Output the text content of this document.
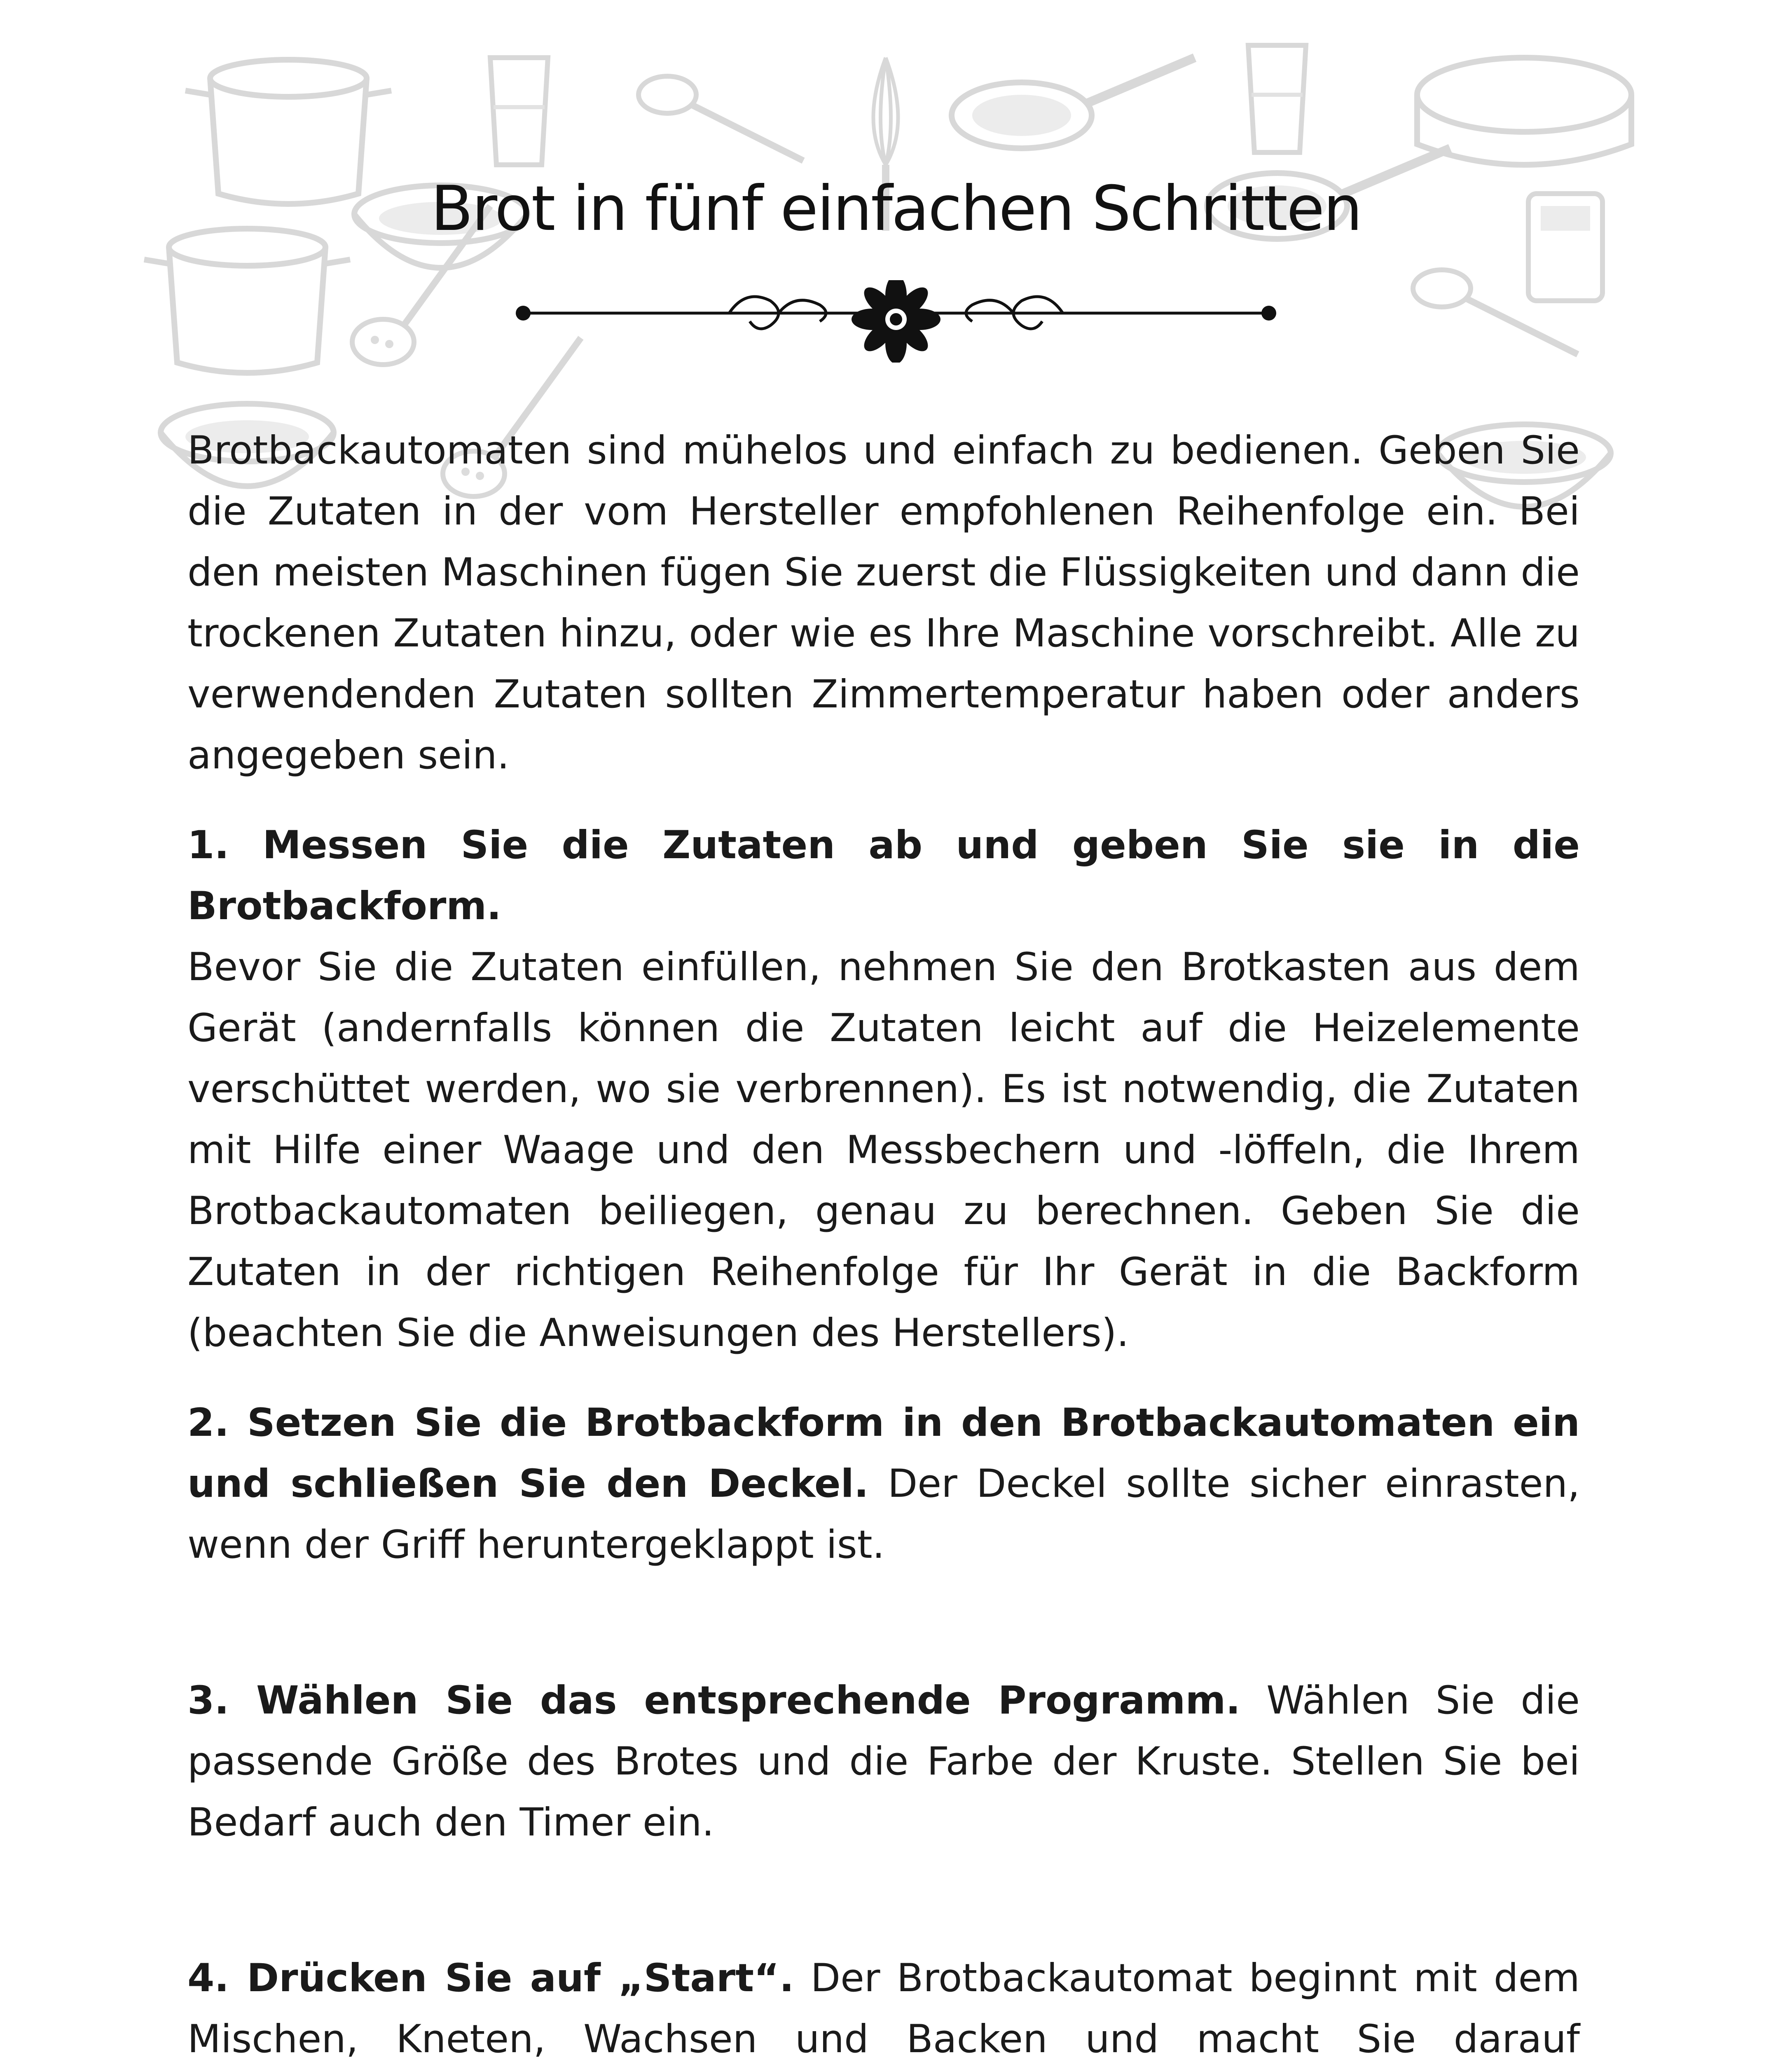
Brot in fünf einfachen Schritten

Brotbackautomaten sind mühelos und einfach zu bedienen. Geben Sie die Zutaten in der vom Hersteller empfohlenen Reihenfolge ein. Bei den meisten Maschinen fügen Sie zuerst die Flüssigkeiten und dann die trockenen Zutaten hinzu, oder wie es Ihre Maschine vorschreibt. Alle zu verwendenden Zutaten sollten Zimmertemperatur haben oder anders angegeben sein.

1. Messen Sie die Zutaten ab und geben Sie sie in die Brotbackform.
Bevor Sie die Zutaten einfüllen, nehmen Sie den Brotkasten aus dem Gerät (andernfalls können die Zutaten leicht auf die Heizelemente verschüttet werden, wo sie verbrennen). Es ist notwendig, die Zutaten mit Hilfe einer Waage und den Messbechern und -löffeln, die Ihrem Brotbackautomaten beiliegen, genau zu berechnen. Geben Sie die Zutaten in der richtigen Reihenfolge für Ihr Gerät in die Backform (beachten Sie die Anweisungen des Herstellers).

2. Setzen Sie die Brotbackform in den Brotbackautomaten ein und schließen Sie den Deckel. Der Deckel sollte sicher einrasten, wenn der Griff heruntergeklappt ist.

3. Wählen Sie das entsprechende Programm. Wählen Sie die passende Größe des Brotes und die Farbe der Kruste. Stellen Sie bei Bedarf auch den Timer ein.

4. Drücken Sie auf „Start“. Der Brotbackautomat beginnt mit dem Mischen, Kneten, Wachsen und Backen und macht Sie darauf
